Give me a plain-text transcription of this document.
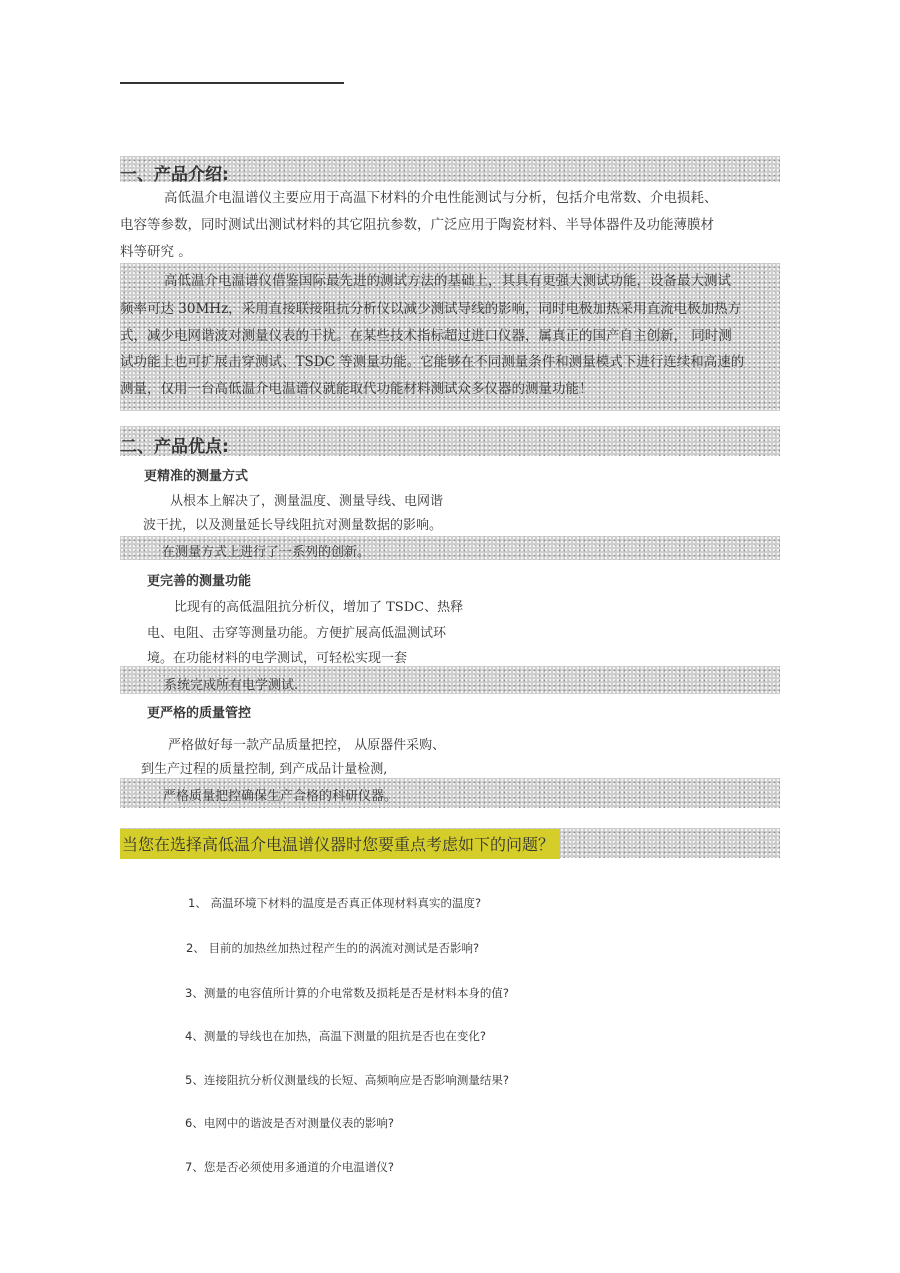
一、产品介绍:
高低温介电温谱仪主要应用于高温下材料的介电性能测试与分析，包括介电常数、介电损耗、
电容等参数，同时测试出测试材料的其它阻抗参数，广泛应用于陶瓷材料、半导体器件及功能薄膜材
料等研究 。
高低温介电温谱仪借鉴国际最先进的测试方法的基础上，其具有更强大测试功能，设备最大测试
频率可达 30MHz，采用直接联接阻抗分析仪以减少测试导线的影响，同时电极加热采用直流电极加热方
式，减少电网谐波对测量仪表的干扰。在某些技术指标超过进口仪器，属真正的国产自主创新， 同时测
试功能上也可扩展击穿测试、TSDC 等测量功能。它能够在不同测量条件和测量模式下进行连续和高速的
测量，仅用一台高低温介电温谱仪就能取代功能材料测试众多仪器的测量功能！
二、产品优点:
更精准的测量方式
从根本上解决了，测量温度、测量导线、电网谐
波干扰，以及测量延长导线阻抗对测量数据的影响。
在测量方式上进行了一系列的创新。
更完善的测量功能
比现有的高低温阻抗分析仪，增加了 TSDC、热释
电、电阻、击穿等测量功能。方便扩展高低温测试环
境。在功能材料的电学测试，可轻松实现一套
系统完成所有电学测试.
更严格的质量管控
严格做好每一款产品质量把控， 从原器件采购、
到生产过程的质量控制, 到产成品计量检测,
严格质量把控确保生产合格的科研仪器。
当您在选择高低温介电温谱仪器时您要重点考虑如下的问题？
1、 高温环境下材料的温度是否真正体现材料真实的温度?
2、 目前的加热丝加热过程产生的的涡流对测试是否影响?
3、测量的电容值所计算的介电常数及损耗是否是材料本身的值?
4、测量的导线也在加热，高温下测量的阻抗是否也在变化?
5、连接阻抗分析仪测量线的长短、高频响应是否影响测量结果?
6、电网中的谐波是否对测量仪表的影响?
7、您是否必须使用多通道的介电温谱仪?
